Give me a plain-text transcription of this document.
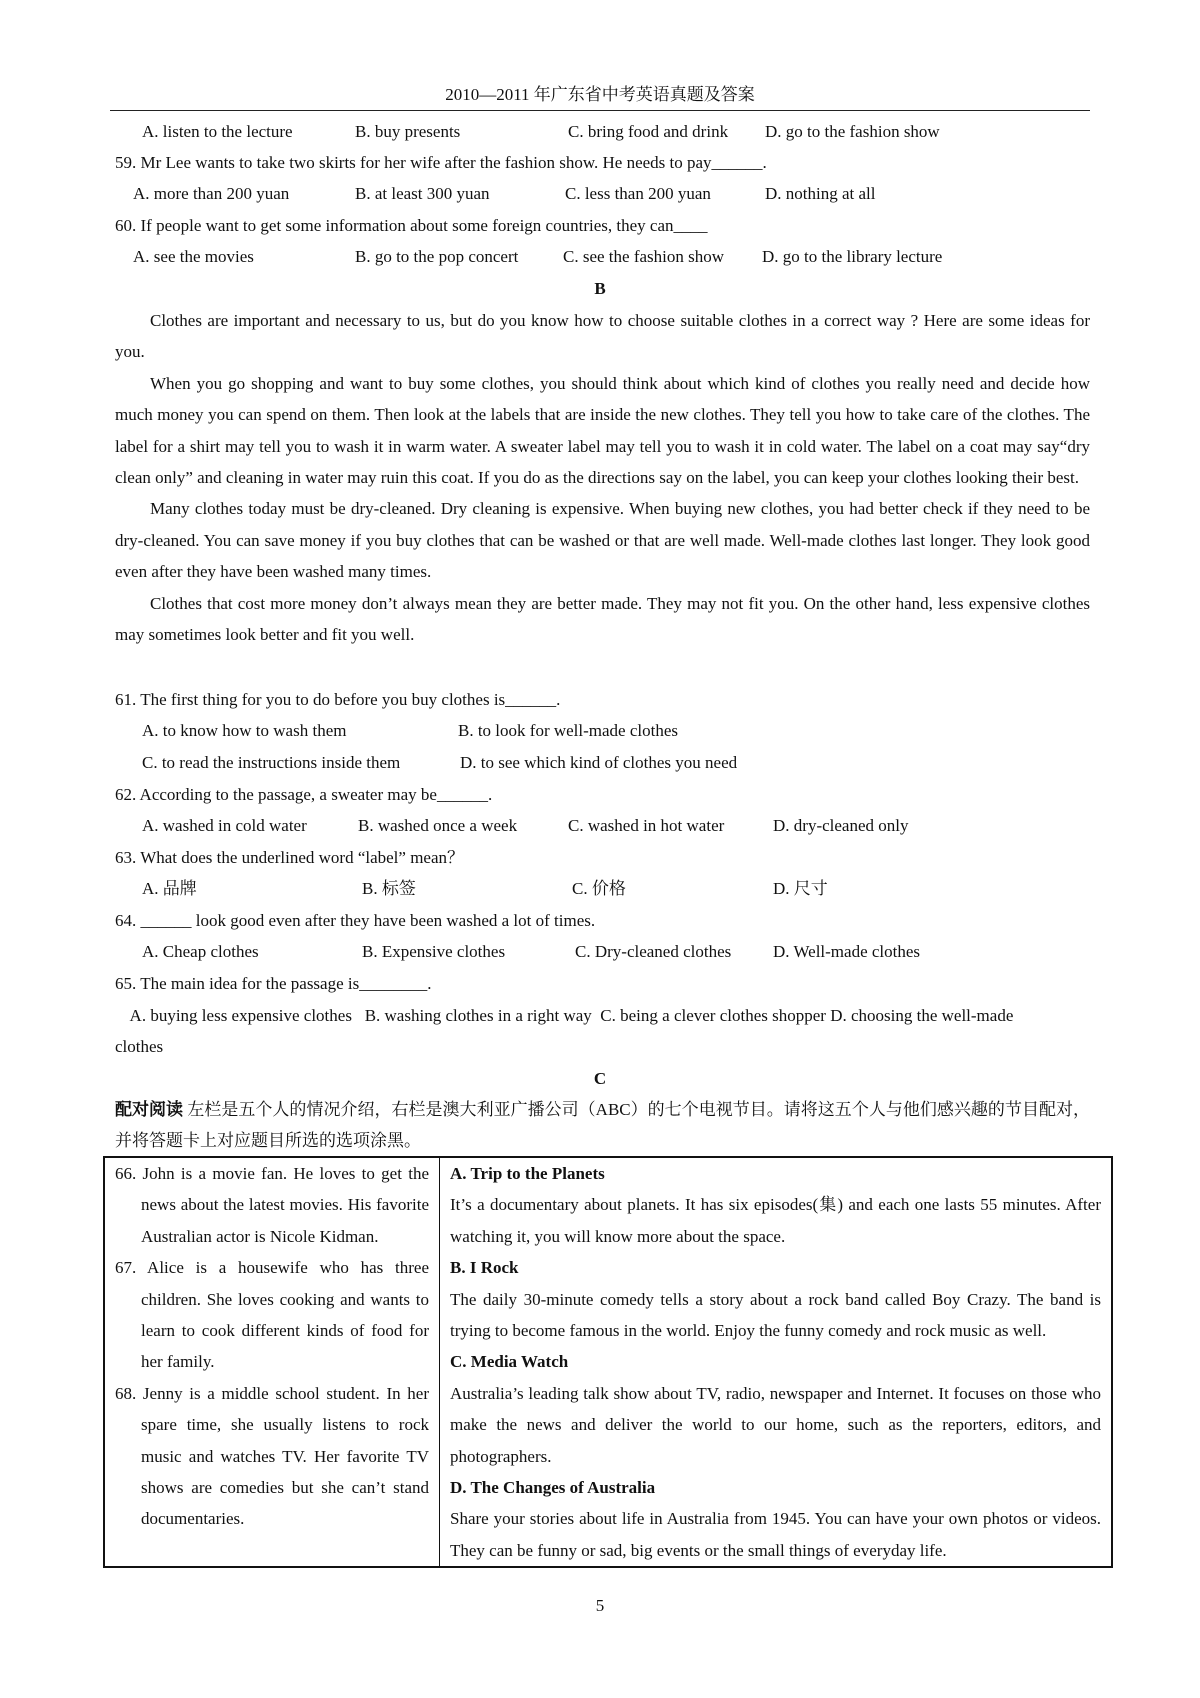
2010—2011 年广东省中考英语真题及答案
A. listen to the lecture	B. buy presents	C. bring food and drink D. go to the fashion show
59. Mr Lee wants to take two skirts for her wife after the fashion show. He needs to pay______.
A. more than 200 yuan	B. at least 300 yuan	C. less than 200 yuan	D. nothing at all
60. If people want to get some information about some foreign countries, they can____
A. see the movies	B. go to the pop concert	C. see the fashion show D. go to the library lecture
B

Clothes are important and necessary to us, but do you know how to choose suitable clothes in a correct way ? Here are some ideas for you.

When you go shopping and want to buy some clothes, you should think about which kind of clothes you really need and decide how much money you can spend on them. Then look at the labels that are inside the new clothes. They tell you how to take care of the clothes. The label for a shirt may tell you to wash it in warm water. A sweater label may tell you to wash it in cold water. The label on a coat may say“dry clean only” and cleaning in water may ruin this coat. If you do as the directions say on the label, you can keep your clothes looking their best.

Many clothes today must be dry-cleaned. Dry cleaning is expensive. When buying new clothes, you had better check if they need to be dry-cleaned. You can save money if you buy clothes that can be washed or that are well made. Well-made clothes last longer. They look good even after they have been washed many times.

Clothes that cost more money don’t always mean they are better made. They may not fit you. On the other hand, less expensive clothes may sometimes look better and fit you well.

61. The first thing for you to do before you buy clothes is______.
A. to know how to wash them	B. to look for well-made clothes
C. to read the instructions inside them	D. to see which kind of clothes you need
62. According to the passage, a sweater may be______.
A. washed in cold water	B. washed once a week	C. washed in hot water	D. dry-cleaned only
63. What does the underlined word “label” mean？
A. 品牌	B. 标签	C. 价格	D. 尺寸
64. ______ look good even after they have been washed a lot of times.
A. Cheap clothes	B. Expensive clothes	C. Dry-cleaned clothes D. Well-made clothes
65. The main idea for the passage is________.
A. buying less expensive clothes   B. washing clothes in a right way  C. being a clever clothes shopper D. choosing the well-made
clothes
C
配对阅读 左栏是五个人的情况介绍，右栏是澳大利亚广播公司（ABC）的七个电视节目。请将这五个人与他们感兴趣的节目配对，并将答题卡上对应题目所选的选项涂黑。
66. John is a movie fan. He loves to get the news about the latest movies. His favorite Australian actor is Nicole Kidman.
67. Alice is a housewife who has three children. She loves cooking and wants to learn to cook different kinds of food for her family.
68. Jenny is a middle school student. In her spare time, she usually listens to rock music and watches TV. Her favorite TV shows are comedies but she can’t stand documentaries.

A. Trip to the Planets
It’s a documentary about planets. It has six episodes(集) and each one lasts 55 minutes. After watching it, you will know more about the space.
B. I Rock
The daily 30-minute comedy tells a story about a rock band called Boy Crazy. The band is trying to become famous in the world. Enjoy the funny comedy and rock music as well.
C. Media Watch
Australia’s leading talk show about TV, radio, newspaper and Internet. It focuses on those who make the news and deliver the world to our home, such as the reporters, editors, and photographers.
D. The Changes of Australia
Share your stories about life in Australia from 1945. You can have your own photos or videos. They can be funny or sad, big events or the small things of everyday life.
5
